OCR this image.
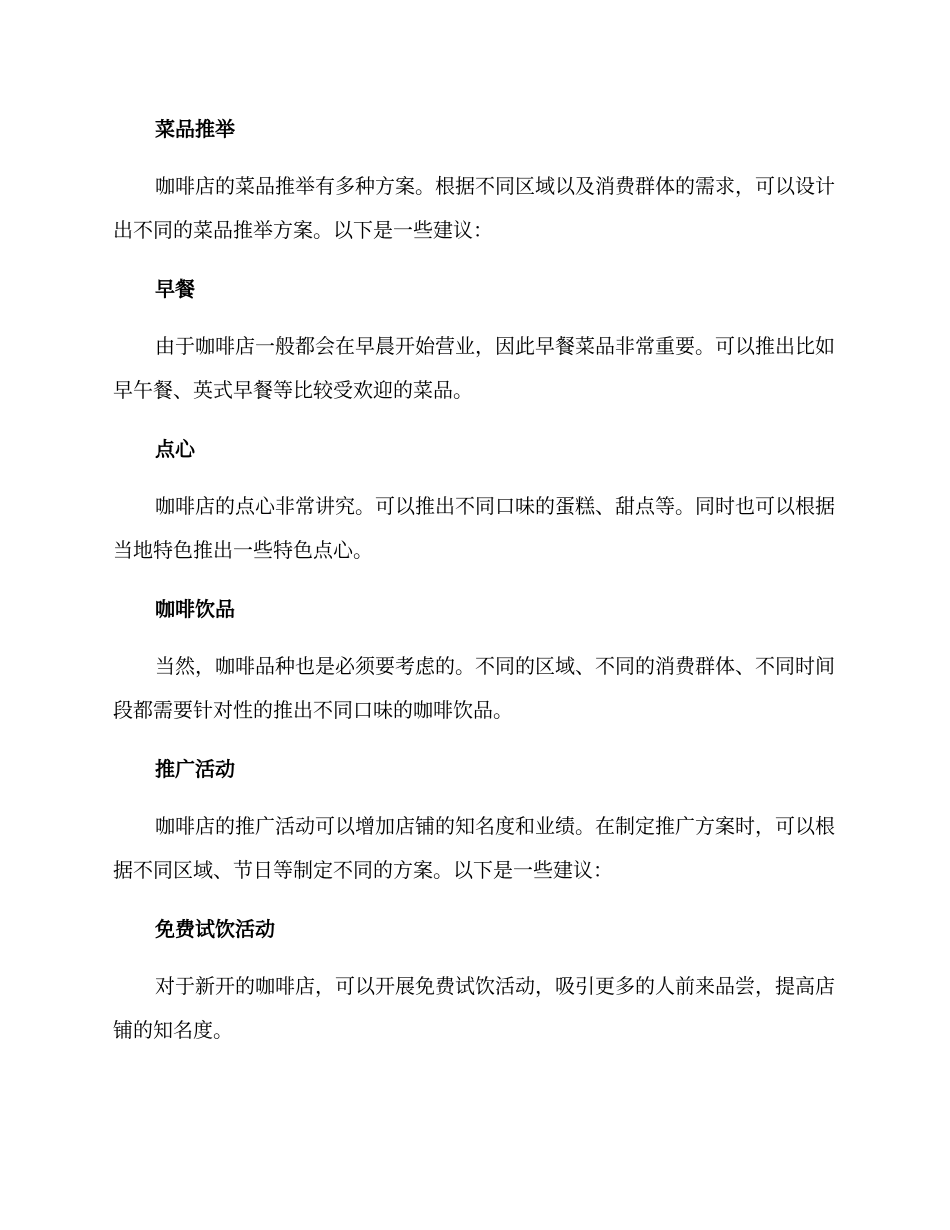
菜品推举
咖啡店的菜品推举有多种方案。根据不同区域以及消费群体的需求，可以设计出不同的菜品推举方案。以下是一些建议：
早餐
由于咖啡店一般都会在早晨开始营业，因此早餐菜品非常重要。可以推出比如早午餐、英式早餐等比较受欢迎的菜品。
点心
咖啡店的点心非常讲究。可以推出不同口味的蛋糕、甜点等。同时也可以根据当地特色推出一些特色点心。
咖啡饮品
当然，咖啡品种也是必须要考虑的。不同的区域、不同的消费群体、不同时间段都需要针对性的推出不同口味的咖啡饮品。
推广活动
咖啡店的推广活动可以增加店铺的知名度和业绩。在制定推广方案时，可以根据不同区域、节日等制定不同的方案。以下是一些建议：
免费试饮活动
对于新开的咖啡店，可以开展免费试饮活动，吸引更多的人前来品尝，提高店铺的知名度。
